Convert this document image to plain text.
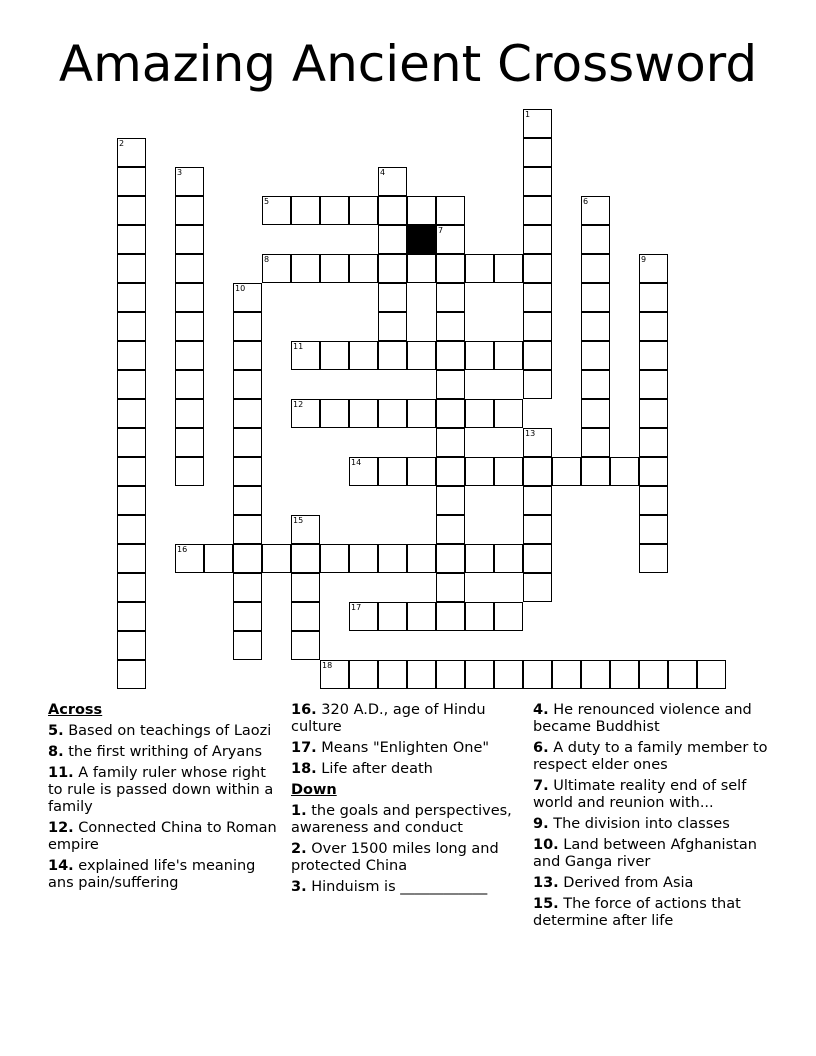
Amazing Ancient Crossword
1
2
3	4
5	6
7
8	9
10
11
12
13
14
15
16
17
18
Across
5. Based on teachings of Laozi
8. the first writhing of Aryans
11. A family ruler whose right to rule is passed down within a family
12. Connected China to Roman empire
14. explained life's meaning ans pain/suffering
16. 320 A.D., age of Hindu culture
17. Means "Enlighten One"
18. Life after death
Down
1. the goals and perspectives, awareness and conduct
2. Over 1500 miles long and protected China
3. Hinduism is ____________
4. He renounced violence and became Buddhist
6. A duty to a family member to respect elder ones
7. Ultimate reality end of self world and reunion with...
9. The division into classes
10. Land between Afghanistan and Ganga river
13. Derived from Asia
15. The force of actions that determine after life
